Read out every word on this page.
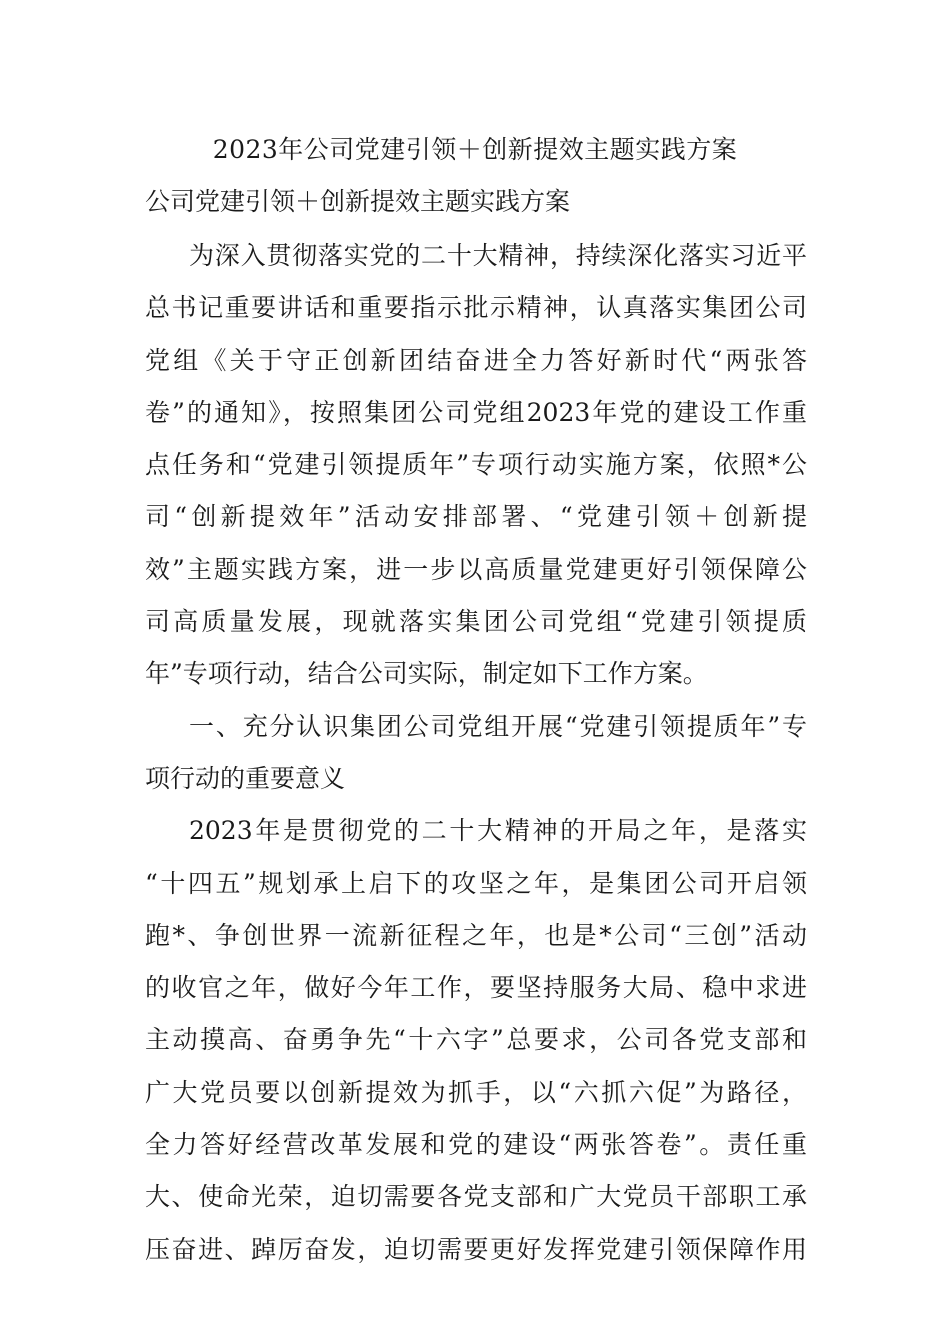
2023年公司党建引领＋创新提效主题实践方案
公司党建引领＋创新提效主题实践方案
为深入贯彻落实党的二十大精神，持续深化落实习近平
总书记重要讲话和重要指示批示精神，认真落实集团公司
党组《关于守正创新团结奋进全力答好新时代“两张答
卷”的通知》，按照集团公司党组2023年党的建设工作重
点任务和“党建引领提质年”专项行动实施方案，依照*公
司“创新提效年”活动安排部署、“党建引领＋创新提
效”主题实践方案，进一步以高质量党建更好引领保障公
司高质量发展，现就落实集团公司党组“党建引领提质
年”专项行动，结合公司实际，制定如下工作方案。
一、充分认识集团公司党组开展“党建引领提质年”专
项行动的重要意义
2023年是贯彻党的二十大精神的开局之年，是落实
“十四五”规划承上启下的攻坚之年，是集团公司开启领
跑*、争创世界一流新征程之年，也是*公司“三创”活动
的收官之年，做好今年工作，要坚持服务大局、稳中求进
主动摸高、奋勇争先“十六字”总要求，公司各党支部和
广大党员要以创新提效为抓手，以“六抓六促”为路径，
全力答好经营改革发展和党的建设“两张答卷”。责任重
大、使命光荣，迫切需要各党支部和广大党员干部职工承
压奋进、踔厉奋发，迫切需要更好发挥党建引领保障作用
